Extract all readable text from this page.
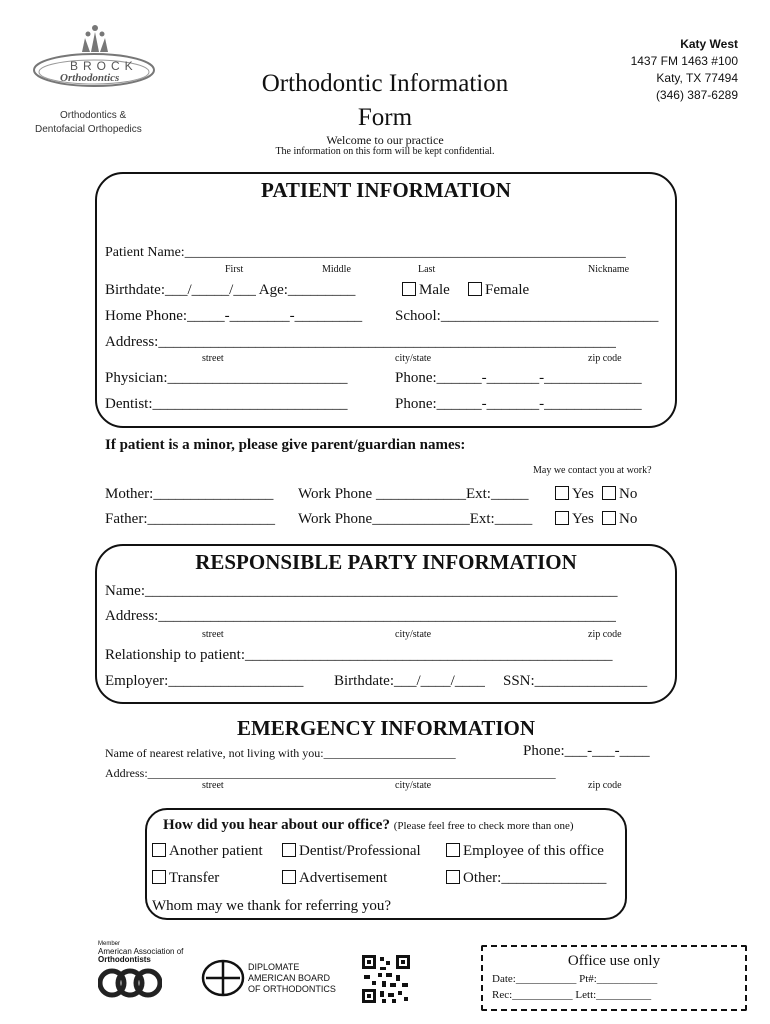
BROCK
Orthodontics
Orthodontics &
Dentofacial Orthopedics
Orthodontic Information
Form
Welcome to our practice
The information on this form will be kept confidential.
Katy West
1437 FM 1463 #100
Katy, TX 77494
(346) 387-6289
PATIENT INFORMATION
Patient Name:_______________________________________________________________
First	Middle	Last	Nickname
Birthdate:___/_____/___ Age:_________	Male	Female
Home Phone:_____-________-_________ School:_____________________________
Address:_____________________________________________________________
street	city/state	zip code
Physician:________________________	Phone:______-_______-_____________
Dentist:__________________________	Phone:______-_______-_____________
If patient is a minor, please give parent/guardian names:
May we contact you at work?
Mother:________________ Work Phone ____________Ext:_____	Yes	No
Father:_________________ Work Phone_____________Ext:_____	Yes	No
RESPONSIBLE PARTY INFORMATION
Name:_______________________________________________________________
Address:_____________________________________________________________
street	city/state	zip code
Relationship to patient:_________________________________________________
Employer:__________________ Birthdate:___/____/____ SSN:_______________
EMERGENCY INFORMATION
Name of nearest relative, not living with you:______________________	Phone:___-___-____
Address:____________________________________________________________________
street	city/state	zip code
How did you hear about our office? (Please feel free to check more than one)
Another patient	Dentist/Professional	Employee of this office
Transfer	Advertisement	Other:______________
Whom may we thank for referring you?
Member
American Association of
Orthodontists
DIPLOMATE
AMERICAN BOARD
OF ORTHODONTICS
Office use only
Date:___________ Pt#:___________
Rec:___________ Lett:__________
